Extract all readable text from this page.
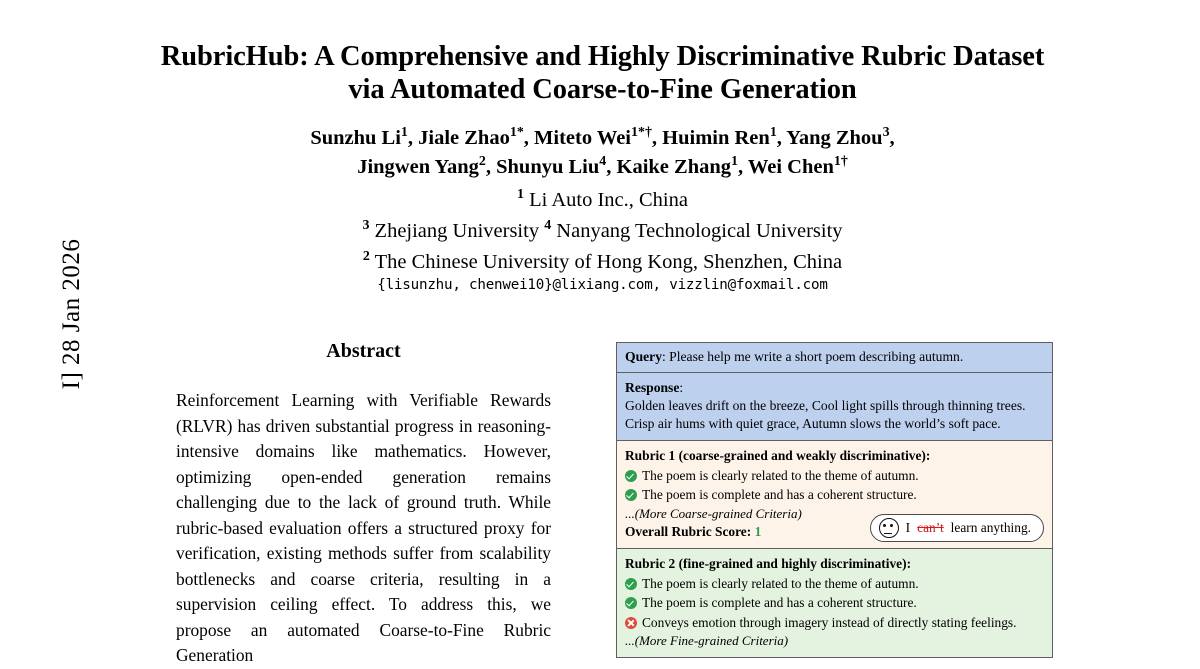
I] 28 Jan 2026
RubricHub: A Comprehensive and Highly Discriminative Rubric Dataset
via Automated Coarse-to-Fine Generation
Sunzhu Li$^1$, Jiale Zhao$^{1*}$, Miteto Wei$^{1*\dagger}$, Huimin Ren$^1$, Yang Zhou$^3$,
Jingwen Yang$^2$, Shunyu Liu$^4$, Kaike Zhang$^1$, Wei Chen$^{1\dagger}$
$^1$ Li Auto Inc., China
$^3$ Zhejiang University $^4$ Nanyang Technological University
$^2$ The Chinese University of Hong Kong, Shenzhen, China
{lisunzhu, chenwei10}@lixiang.com, vizzlin@foxmail.com
Abstract
Reinforcement Learning with Verifiable Rewards (RLVR) has driven substantial progress in reasoning-intensive domains like mathematics. However, optimizing open-ended generation remains challenging due to the lack of ground truth. While rubric-based evaluation offers a structured proxy for verification, existing methods suffer from scalability bottlenecks and coarse criteria, resulting in a supervision ceiling effect. To address this, we propose an automated Coarse-to-Fine Rubric Generation
Query: Please help me write a short poem describing autumn.
Response:
Golden leaves drift on the breeze, Cool light spills through thinning trees.
Crisp air hums with quiet grace, Autumn slows the world’s soft pace.
Rubric 1 (coarse-grained and weakly discriminative):
The poem is clearly related to the theme of autumn.
The poem is complete and has a coherent structure.
...(More Coarse-grained Criteria)
Overall Rubric Score: 1	I can’t learn anything.
Rubric 2 (fine-grained and highly discriminative):
The poem is clearly related to the theme of autumn.
The poem is complete and has a coherent structure.
Conveys emotion through imagery instead of directly stating feelings.
...(More Fine-grained Criteria)
